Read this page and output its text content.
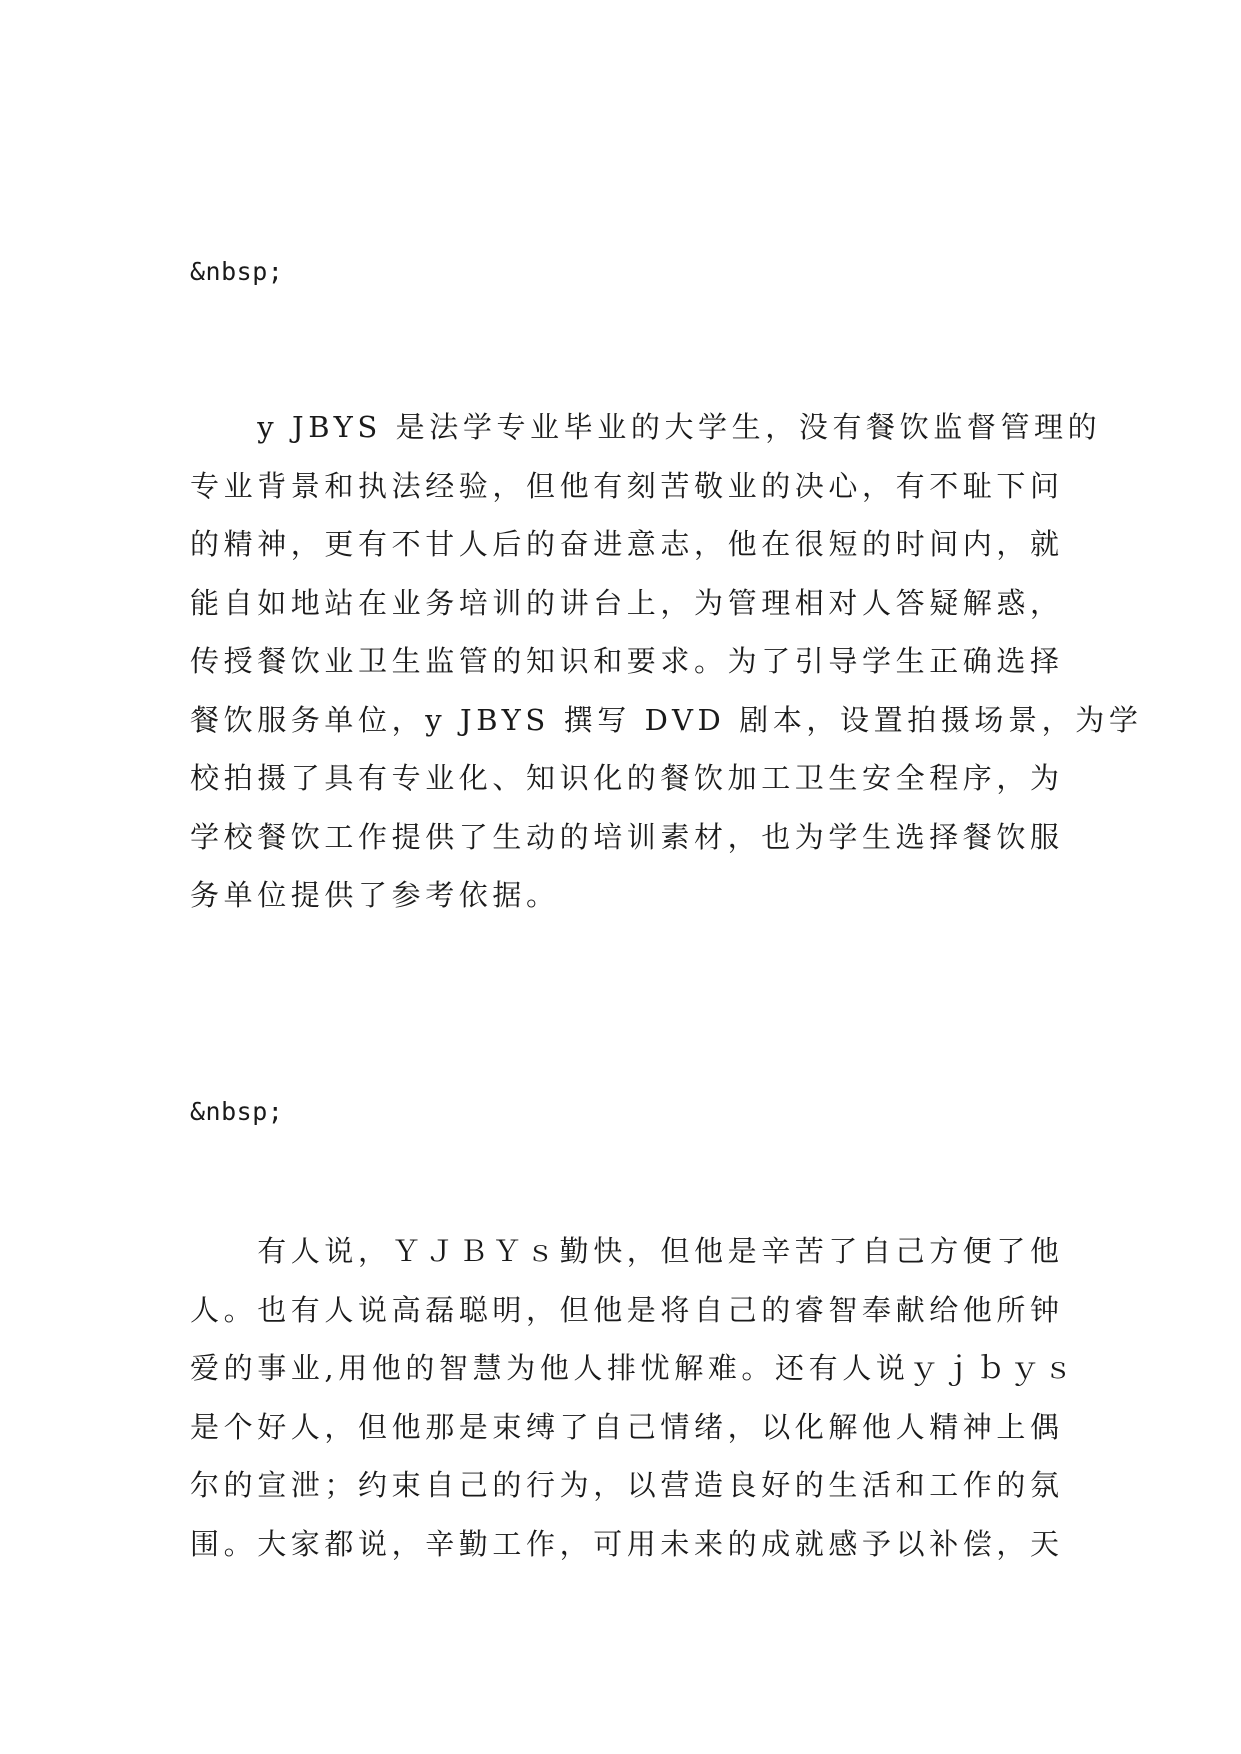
&nbsp;
　　y JBYS 是法学专业毕业的大学生，没有餐饮监督管理的
专业背景和执法经验，但他有刻苦敬业的决心，有不耻下问
的精神，更有不甘人后的奋进意志，他在很短的时间内，就
能自如地站在业务培训的讲台上，为管理相对人答疑解惑，
传授餐饮业卫生监管的知识和要求。为了引导学生正确选择
餐饮服务单位，y JBYS 撰写 DVD 剧本，设置拍摄场景，为学
校拍摄了具有专业化、知识化的餐饮加工卫生安全程序，为
学校餐饮工作提供了生动的培训素材，也为学生选择餐饮服
务单位提供了参考依据。
&nbsp;
　　有人说，ＹＪＢＹｓ勤快，但他是辛苦了自己方便了他
人。也有人说高磊聪明，但他是将自己的睿智奉献给他所钟
爱的事业,用他的智慧为他人排忧解难。还有人说ｙｊｂｙｓ
是个好人，但他那是束缚了自己情绪，以化解他人精神上偶
尔的宣泄；约束自己的行为，以营造良好的生活和工作的氛
围。大家都说，辛勤工作，可用未来的成就感予以补偿，天
